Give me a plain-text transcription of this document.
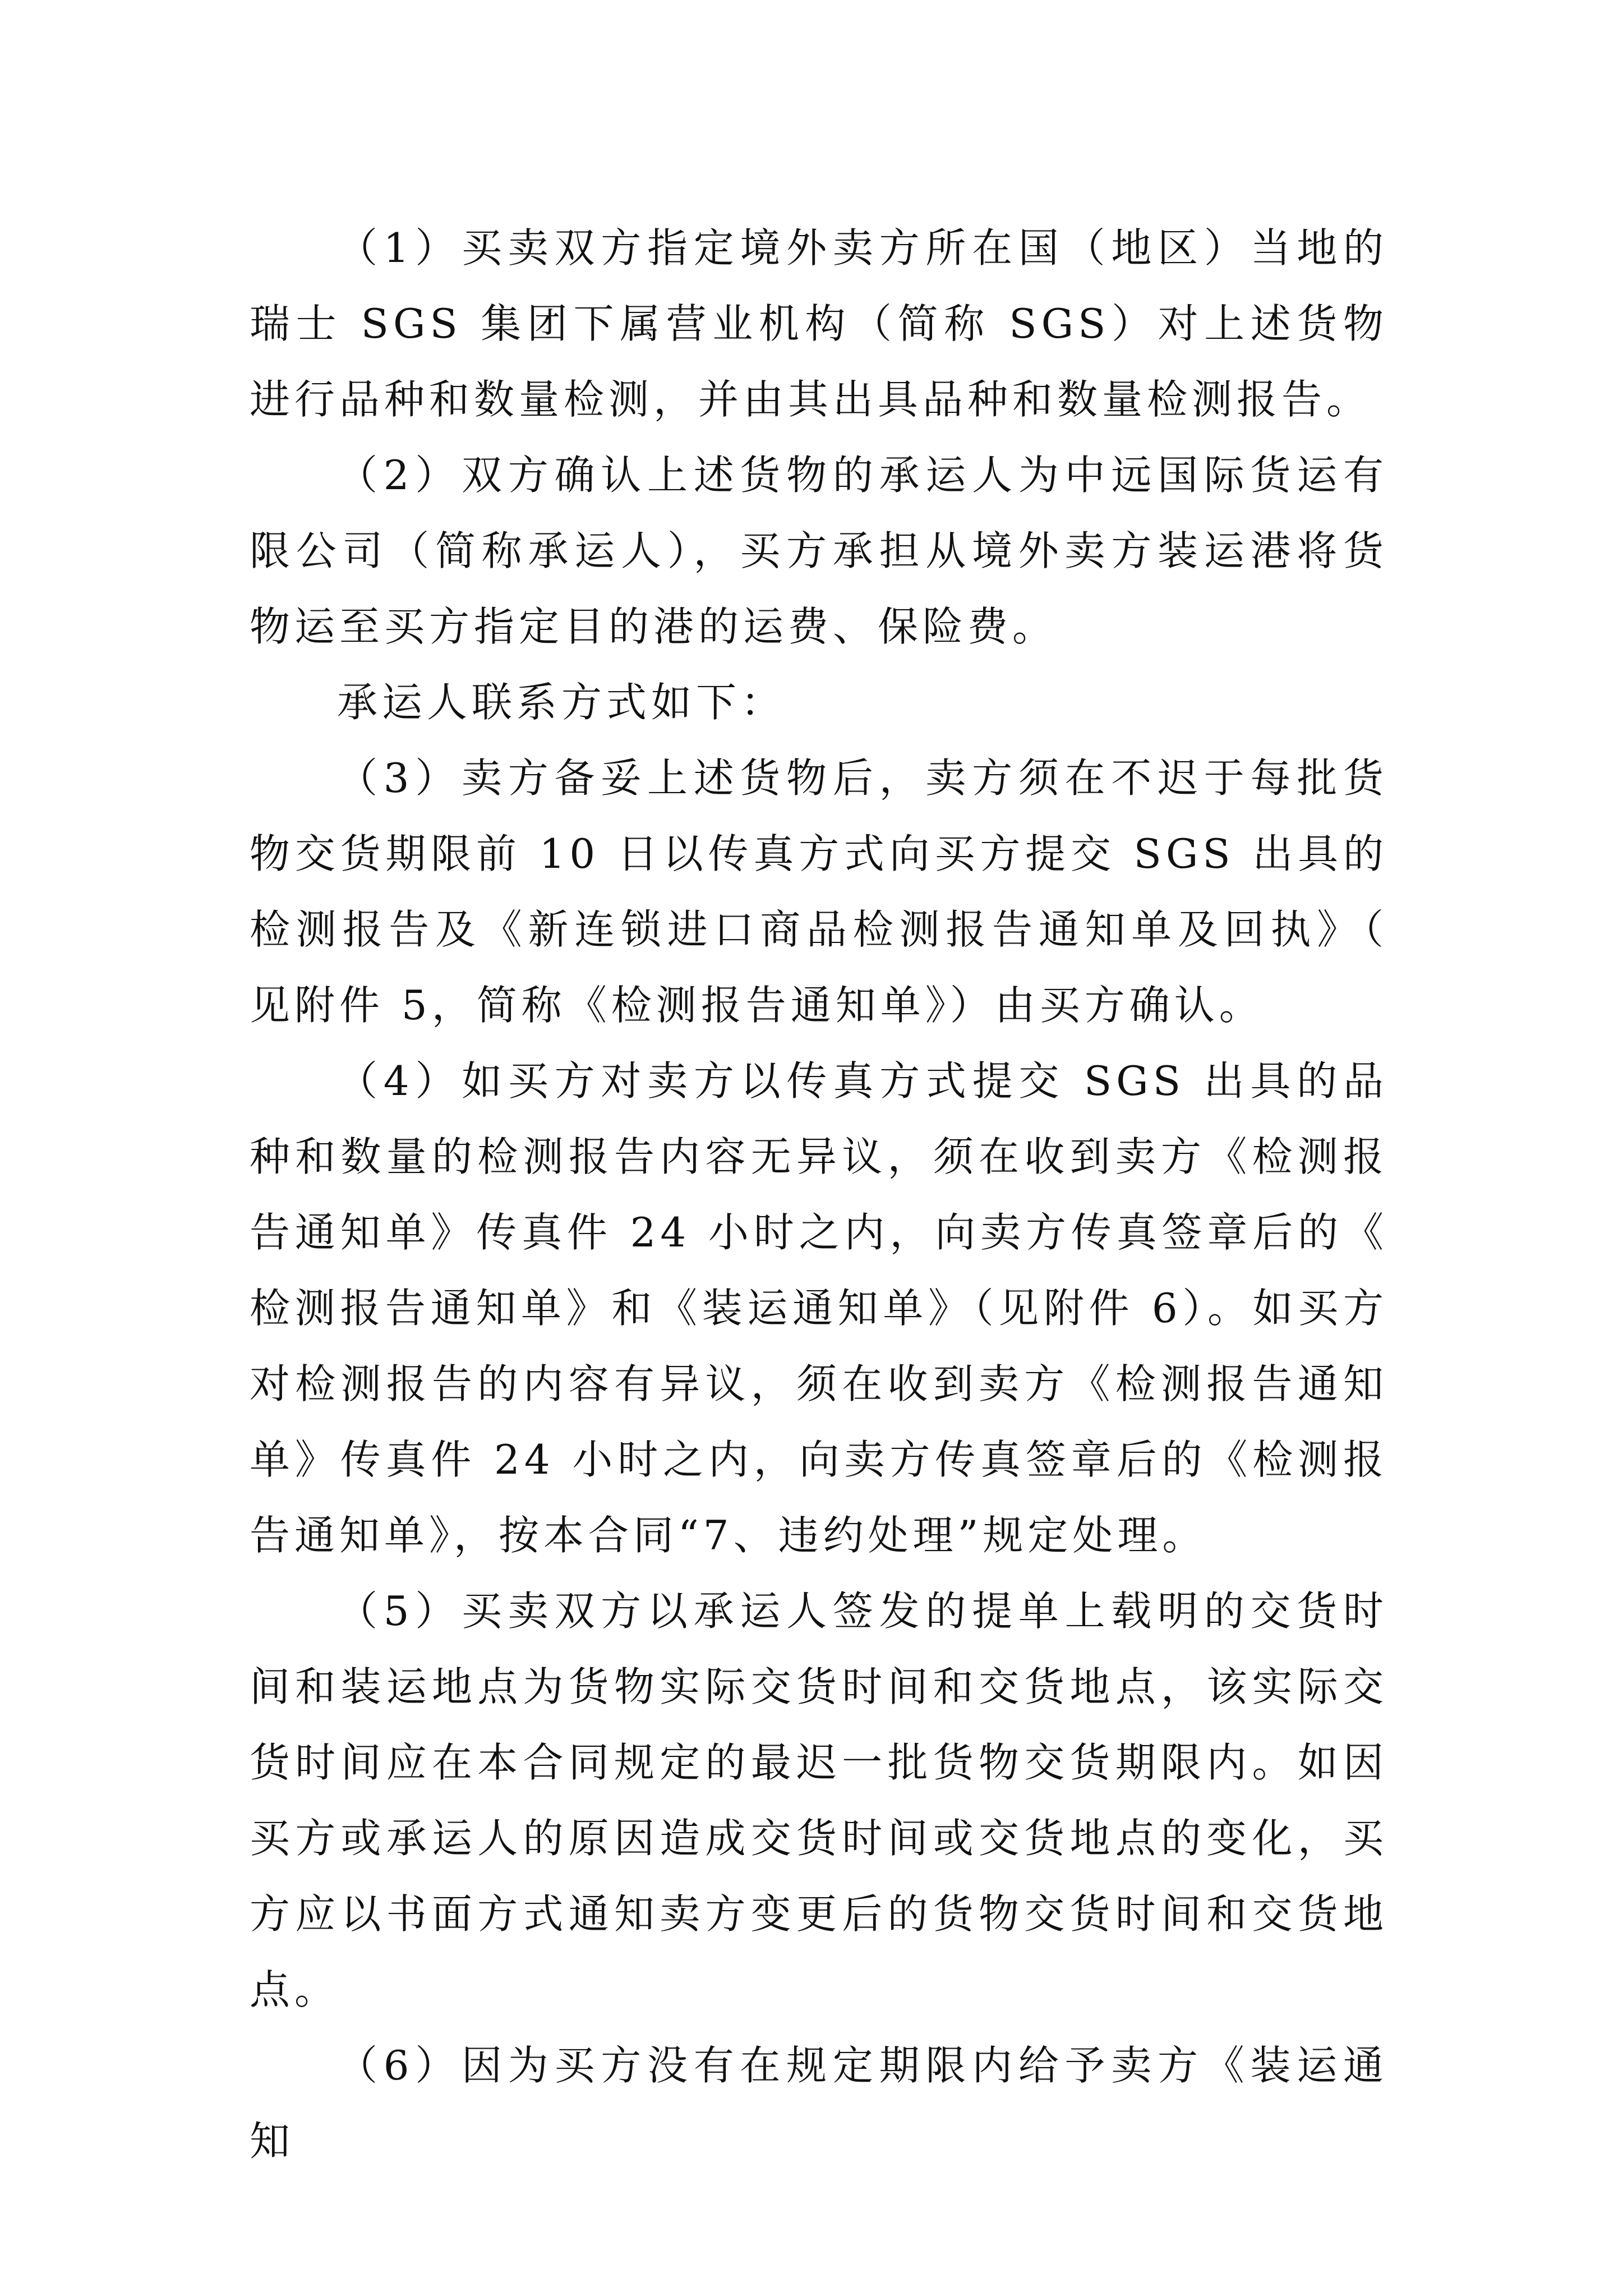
（1）买卖双方指定境外卖方所在国（地区）当地的瑞士 SGS 集团下属营业机构（简称 SGS）对上述货物进行品种和数量检测，并由其出具品种和数量检测报告。

（2）双方确认上述货物的承运人为中远国际货运有限公司（简称承运人），买方承担从境外卖方装运港将货物运至买方指定目的港的运费、保险费。

承运人联系方式如下：

（3）卖方备妥上述货物后，卖方须在不迟于每批货物交货期限前 10 日以传真方式向买方提交 SGS 出具的检测报告及《新连锁进口商品检测报告通知单及回执》（见附件 5，简称《检测报告通知单》）由买方确认。

（4）如买方对卖方以传真方式提交 SGS 出具的品种和数量的检测报告内容无异议，须在收到卖方《检测报告通知单》传真件 24 小时之内，向卖方传真签章后的《检测报告通知单》和《装运通知单》（见附件 6）。如买方对检测报告的内容有异议，须在收到卖方《检测报告通知单》传真件 24 小时之内，向卖方传真签章后的《检测报告通知单》，按本合同“7、违约处理”规定处理。

（5）买卖双方以承运人签发的提单上载明的交货时间和装运地点为货物实际交货时间和交货地点，该实际交货时间应在本合同规定的最迟一批货物交货期限内。如因买方或承运人的原因造成交货时间或交货地点的变化，买方应以书面方式通知卖方变更后的货物交货时间和交货地点。

（6）因为买方没有在规定期限内给予卖方《装运通知
